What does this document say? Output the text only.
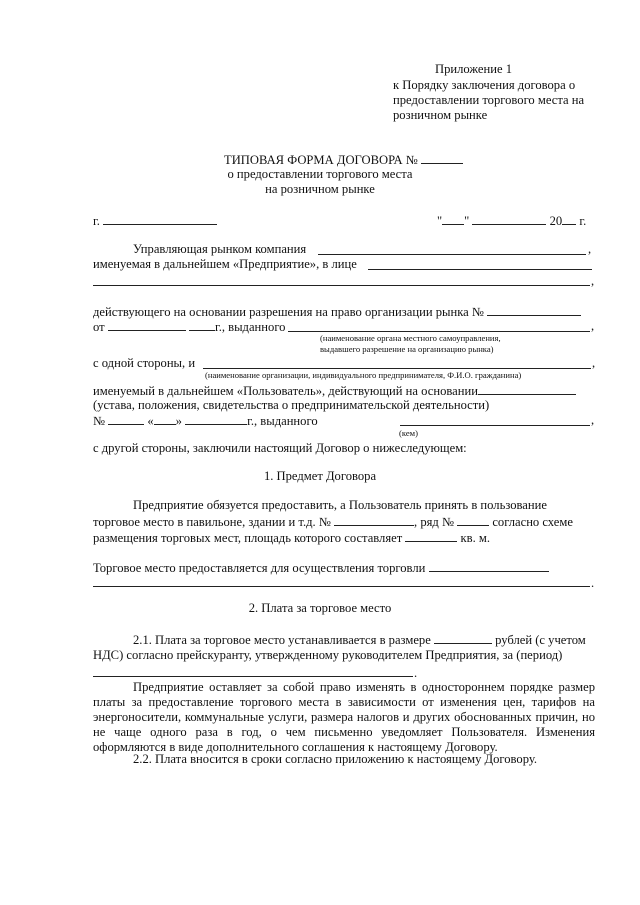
Приложение 1
к Порядку заключения договора о
предоставлении торгового места на
розничном рынке
ТИПОВАЯ ФОРМА ДОГОВОРА №
о предоставлении торгового места
на розничном рынке
г.	" "	20 г.
Управляющая рынком компания	,
именуемая в дальнейшем «Предприятие», в лице
,
действующего на основании разрешения на право организации рынка №
от	г., выданного	,
(наименование органа местного самоуправления,
выдавшего разрешение на организацию рынка)
с одной стороны, и	,
(наименование организации, индивидуального предпринимателя, Ф.И.О. гражданина)
именуемый в дальнейшем «Пользователь», действующий на основании
(устава, положения, свидетельства о предпринимательской деятельности)
№	« »	г., выданного	,
(кем)
с другой стороны, заключили настоящий Договор о нижеследующем:
1. Предмет Договора
Предприятие обязуется предоставить, а Пользователь принять в пользование
торговое место в павильоне, здании и т.д. №	, ряд №	согласно схеме
размещения торговых мест, площадь которого составляет	кв. м.
Торговое место предоставляется для осуществления торговли
.
2. Плата за торговое место
2.1. Плата за торговое место устанавливается в размере	рублей (с учетом
НДС) согласно прейскуранту, утвержденному руководителем Предприятия, за (период)
.
Предприятие оставляет за собой право изменять в одностороннем порядке размер платы за предоставление торгового места в зависимости от изменения цен, тарифов на энергоносители, коммунальные услуги, размера налогов и других обоснованных причин, но не чаще одного раза в год, о чем письменно уведомляет Пользователя. Изменения оформляются в виде дополнительного соглашения к настоящему Договору.
2.2. Плата вносится в сроки согласно приложению к настоящему Договору.
